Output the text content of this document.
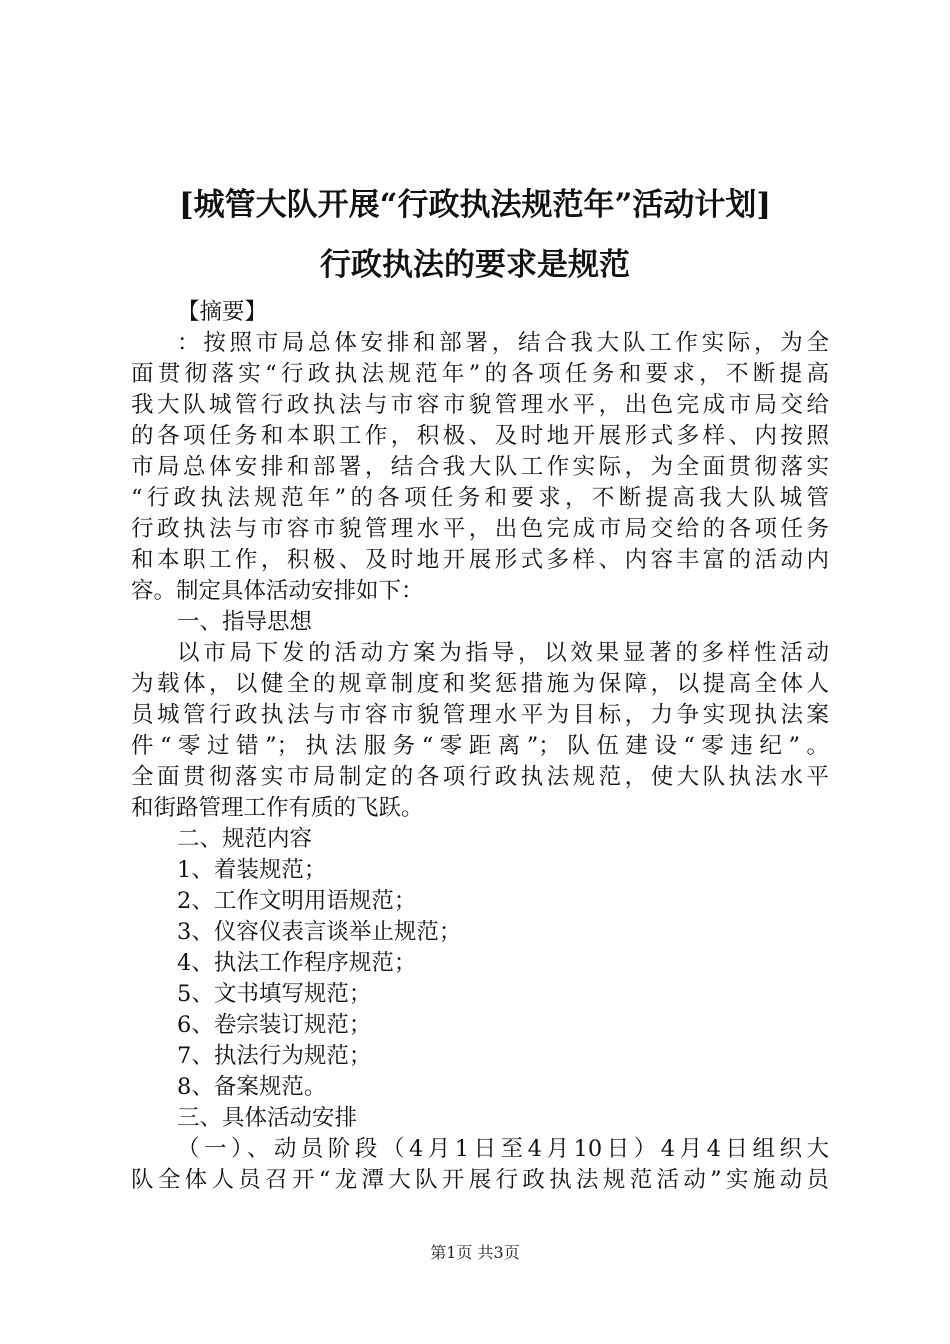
[城管大队开展“行政执法规范年”活动计划]
行政执法的要求是规范
【摘要】
：按照市局总体安排和部署，结合我大队工作实际，为全
面贯彻落实“行政执法规范年”的各项任务和要求，不断提高
我大队城管行政执法与市容市貌管理水平，出色完成市局交给
的各项任务和本职工作，积极、及时地开展形式多样、内按照
市局总体安排和部署，结合我大队工作实际，为全面贯彻落实
“行政执法规范年”的各项任务和要求，不断提高我大队城管
行政执法与市容市貌管理水平，出色完成市局交给的各项任务
和本职工作，积极、及时地开展形式多样、内容丰富的活动内
容。制定具体活动安排如下：
一、指导思想
以市局下发的活动方案为指导，以效果显著的多样性活动
为载体，以健全的规章制度和奖惩措施为保障，以提高全体人
员城管行政执法与市容市貌管理水平为目标，力争实现执法案
件“零过错”；执法服务“零距离”；队伍建设“零违纪”。
全面贯彻落实市局制定的各项行政执法规范，使大队执法水平
和街路管理工作有质的飞跃。
二、规范内容
1、着装规范；
2、工作文明用语规范；
3、仪容仪表言谈举止规范；
4、执法工作程序规范；
5、文书填写规范；
6、卷宗装订规范；
7、执法行为规范；
8、备案规范。
三、具体活动安排
（一）、动员阶段（4月1日至4月10日）4月4日组织大
队全体人员召开“龙潭大队开展行政执法规范活动”实施动员
第1页 共3页
